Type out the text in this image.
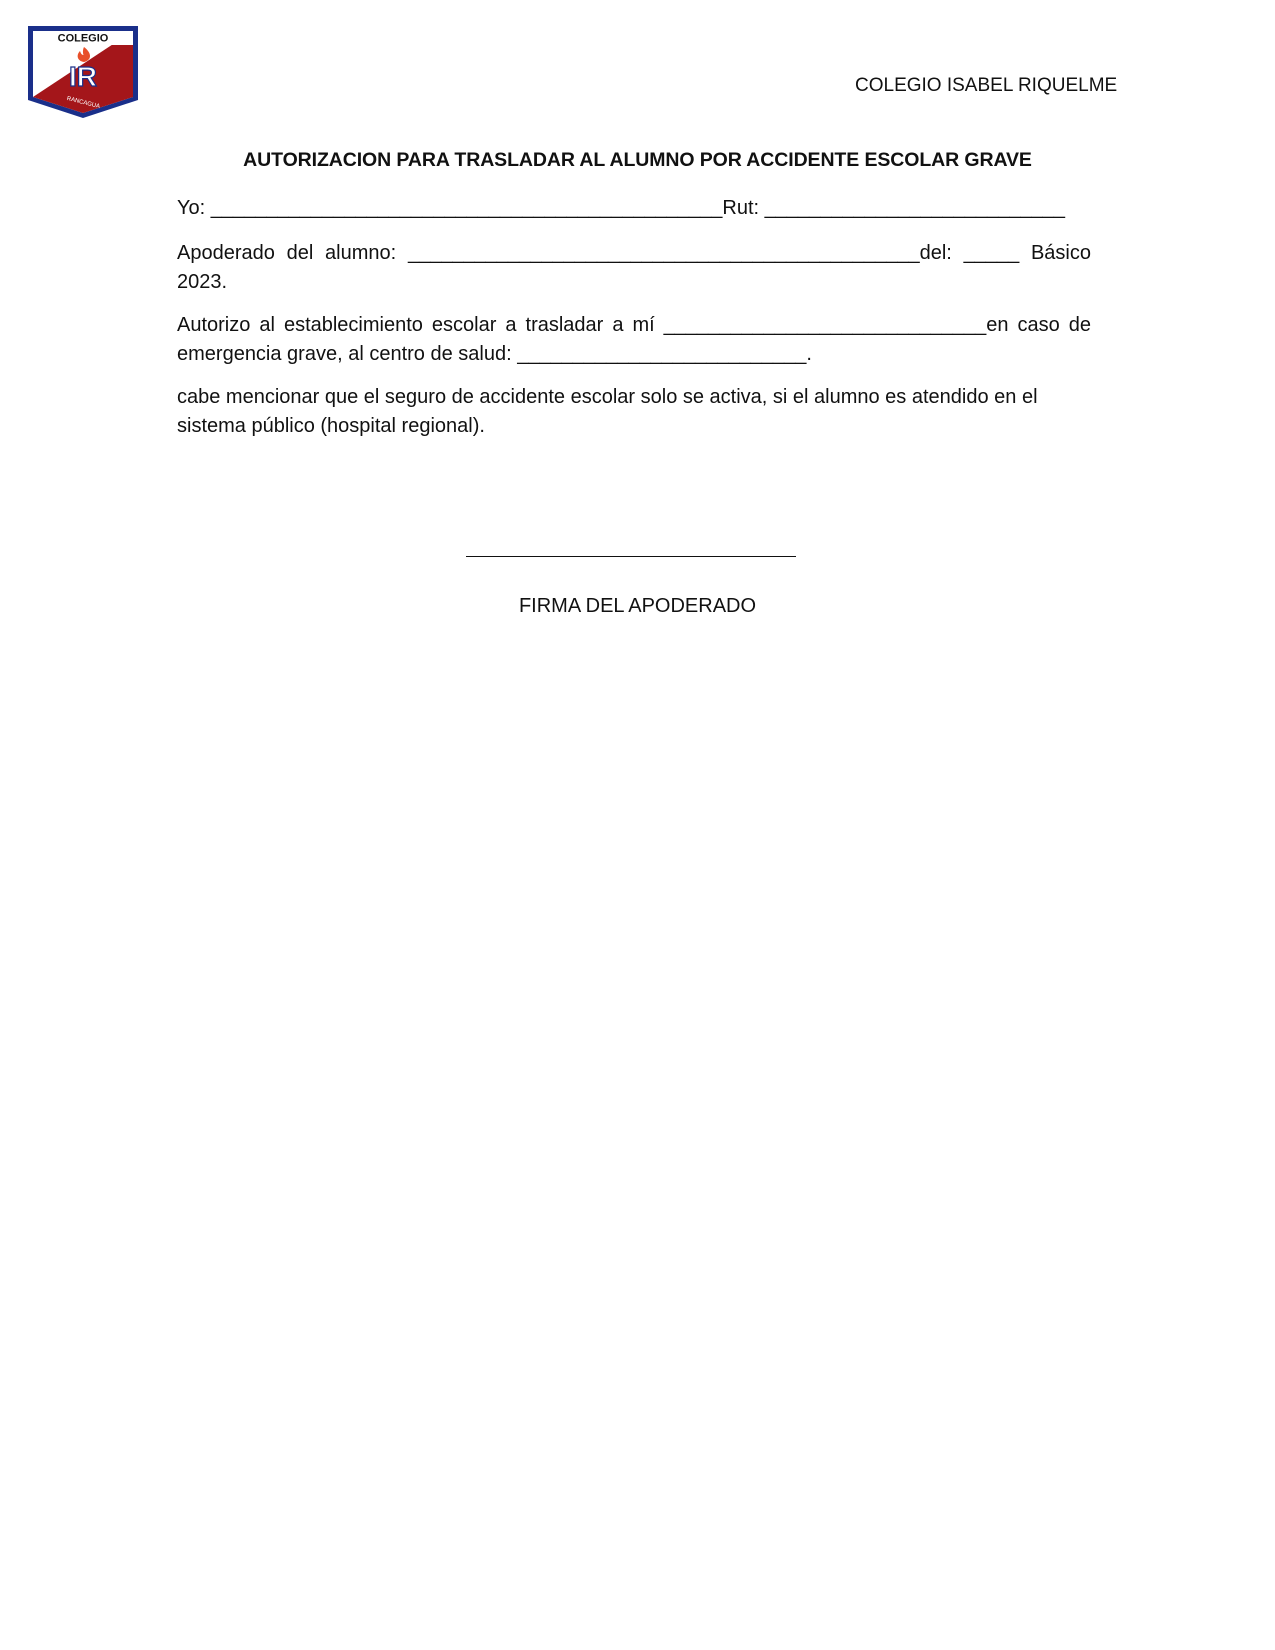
COLEGIO
IR
RANCAGUA
COLEGIO ISABEL RIQUELME
AUTORIZACION PARA TRASLADAR AL ALUMNO POR ACCIDENTE ESCOLAR GRAVE
Yo: ______________________________________________Rut: ___________________________
Apoderado del alumno: ______________________________________________del: _____ Básico 2023.
Autorizo al establecimiento escolar a trasladar a mí _____________________________en caso de emergencia grave, al centro de salud: __________________________.
cabe mencionar que el seguro de accidente escolar solo se activa, si el alumno es atendido en el sistema público (hospital regional).
FIRMA DEL APODERADO
